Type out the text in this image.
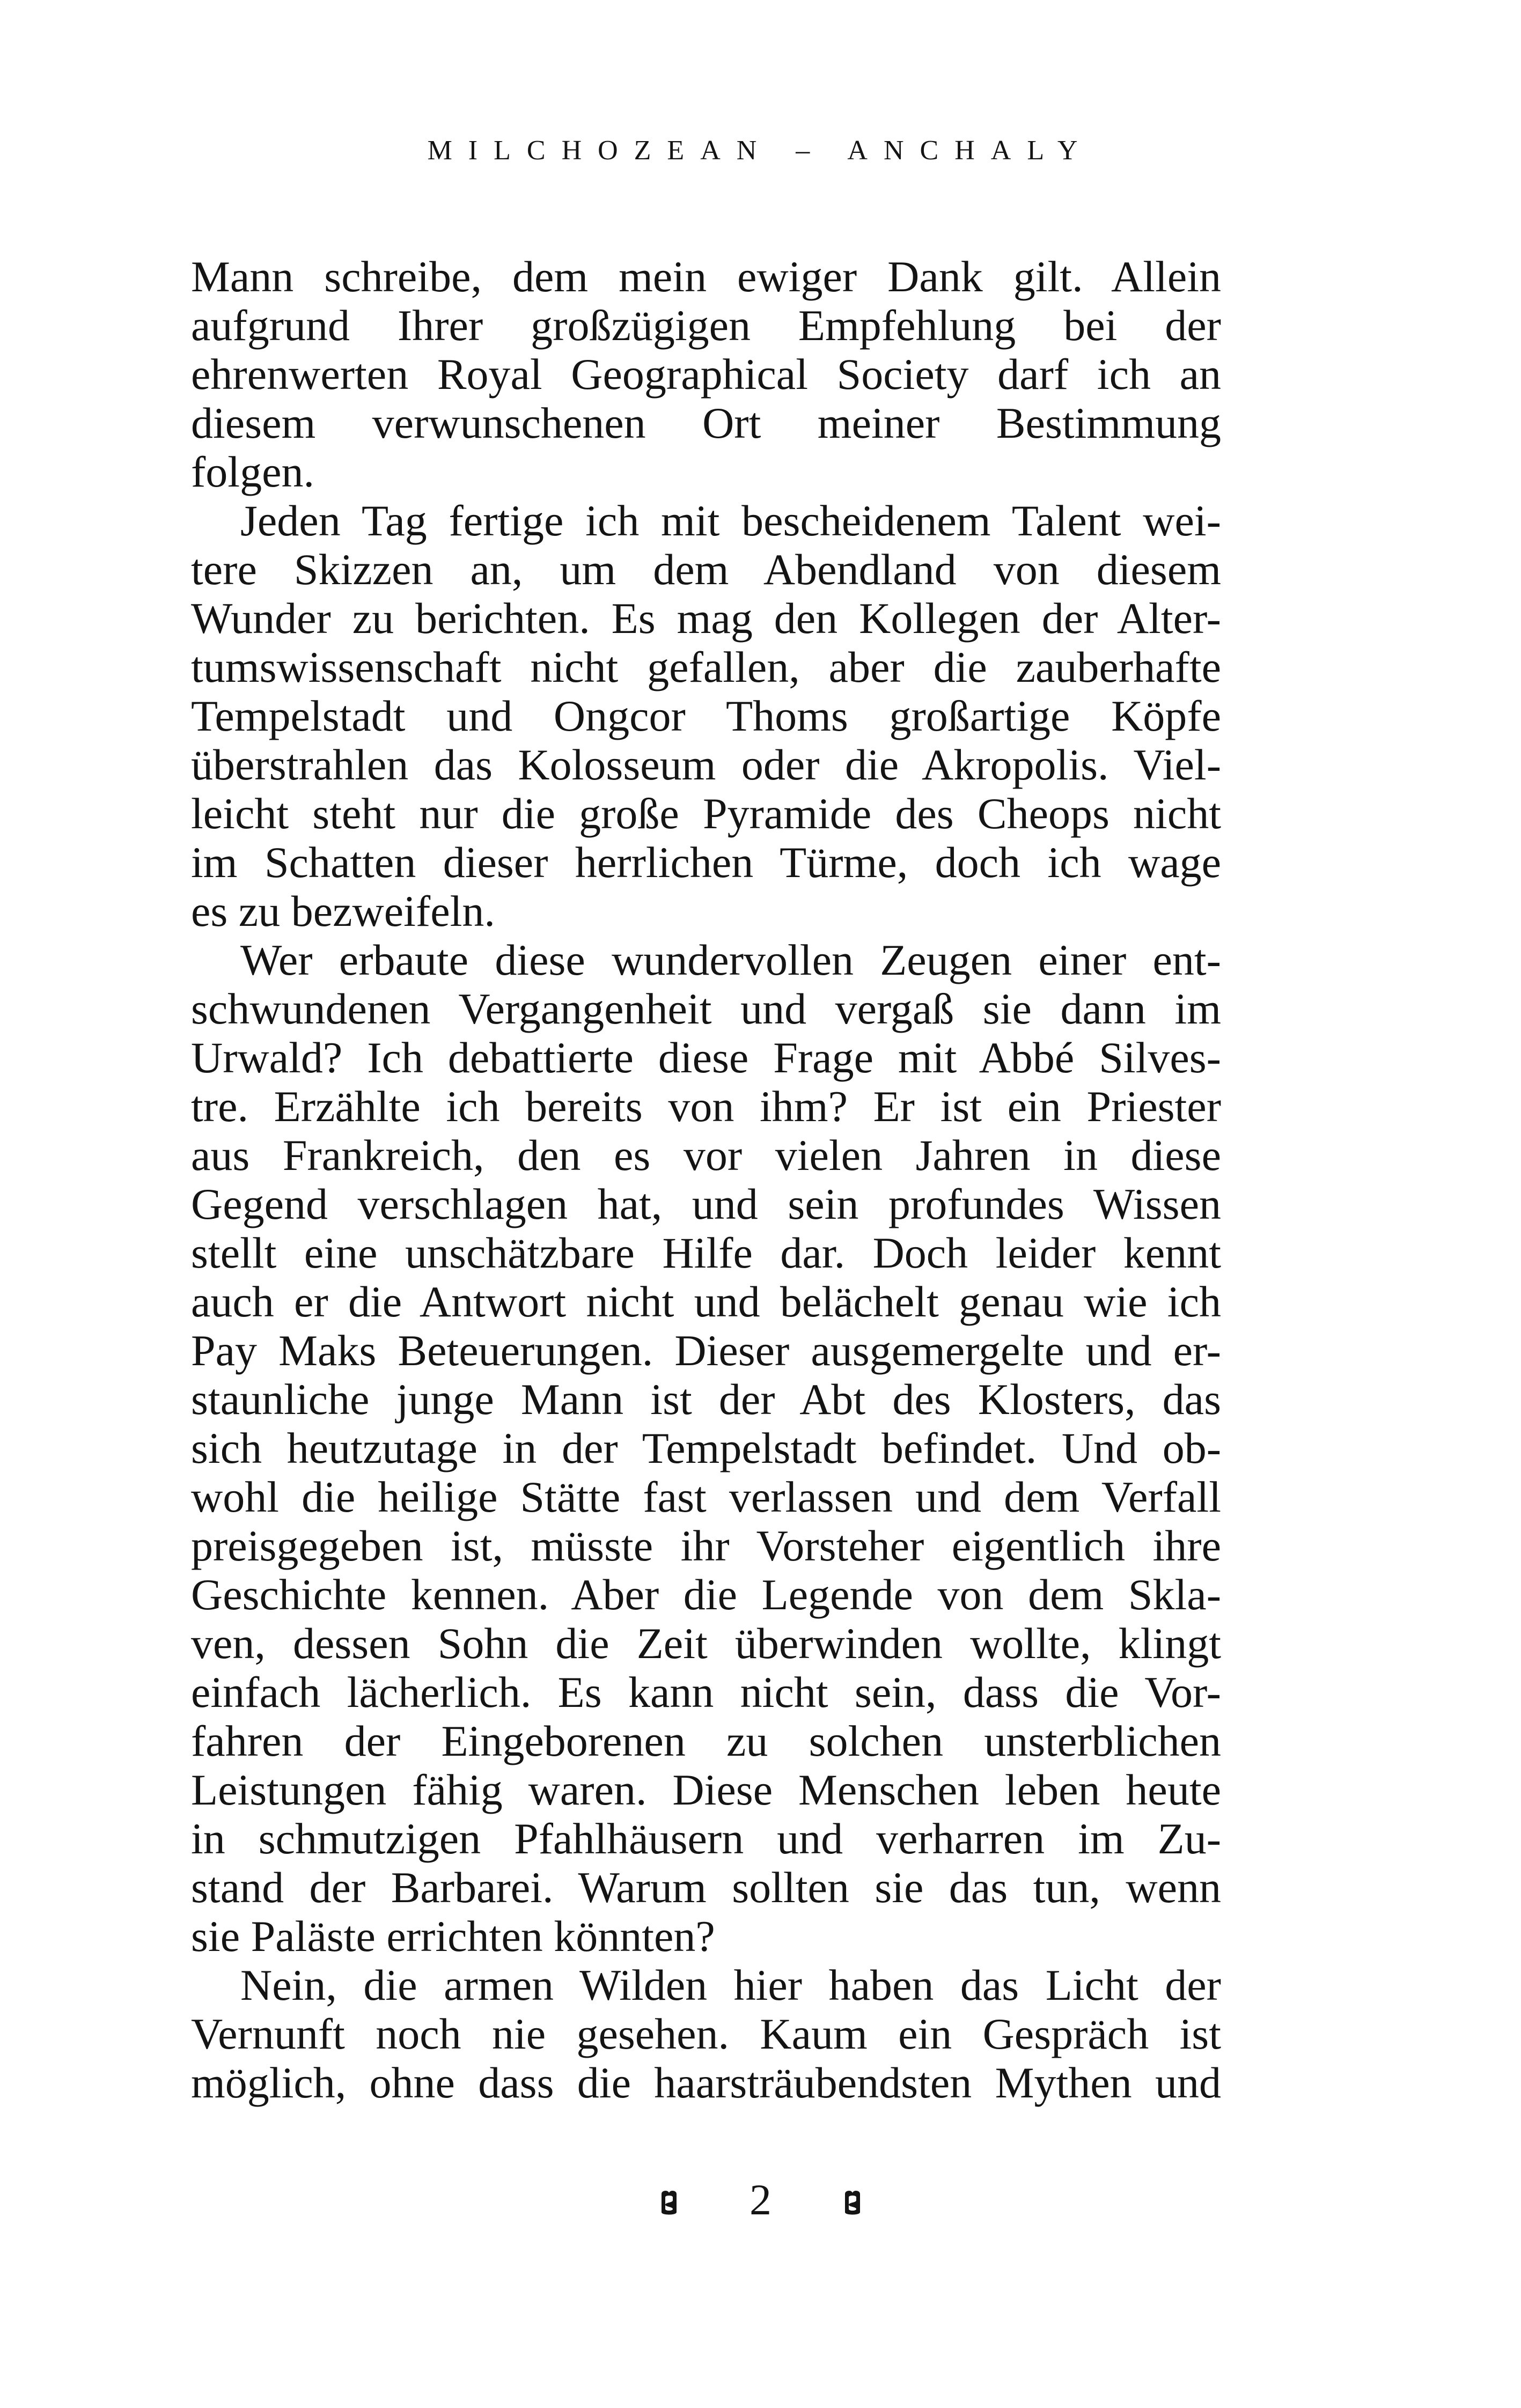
MILCHOZEAN – ANCHALY
Mann schreibe, dem mein ewiger Dank gilt. Allein
aufgrund Ihrer großzügigen Empfehlung bei der
ehrenwerten Royal Geographical Society darf ich an
diesem verwunschenen Ort meiner Bestimmung
folgen.
Jeden Tag fertige ich mit bescheidenem Talent wei-
tere Skizzen an, um dem Abendland von diesem
Wunder zu berichten. Es mag den Kollegen der Alter-
tumswissenschaft nicht gefallen, aber die zauberhafte
Tempelstadt und Ongcor Thoms großartige Köpfe
überstrahlen das Kolosseum oder die Akropolis. Viel-
leicht steht nur die große Pyramide des Cheops nicht
im Schatten dieser herrlichen Türme, doch ich wage
es zu bezweifeln.
Wer erbaute diese wundervollen Zeugen einer ent-
schwundenen Vergangenheit und vergaß sie dann im
Urwald? Ich debattierte diese Frage mit Abbé Silves-
tre. Erzählte ich bereits von ihm? Er ist ein Priester
aus Frankreich, den es vor vielen Jahren in diese
Gegend verschlagen hat, und sein profundes Wissen
stellt eine unschätzbare Hilfe dar. Doch leider kennt
auch er die Antwort nicht und belächelt genau wie ich
Pay Maks Beteuerungen. Dieser ausgemergelte und er-
staunliche junge Mann ist der Abt des Klosters, das
sich heutzutage in der Tempelstadt befindet. Und ob-
wohl die heilige Stätte fast verlassen und dem Verfall
preisgegeben ist, müsste ihr Vorsteher eigentlich ihre
Geschichte kennen. Aber die Legende von dem Skla-
ven, dessen Sohn die Zeit überwinden wollte, klingt
einfach lächerlich. Es kann nicht sein, dass die Vor-
fahren der Eingeborenen zu solchen unsterblichen
Leistungen fähig waren. Diese Menschen leben heute
in schmutzigen Pfahlhäusern und verharren im Zu-
stand der Barbarei. Warum sollten sie das tun, wenn
sie Paläste errichten könnten?
Nein, die armen Wilden hier haben das Licht der
Vernunft noch nie gesehen. Kaum ein Gespräch ist
möglich, ohne dass die haarsträubendsten Mythen und
2
